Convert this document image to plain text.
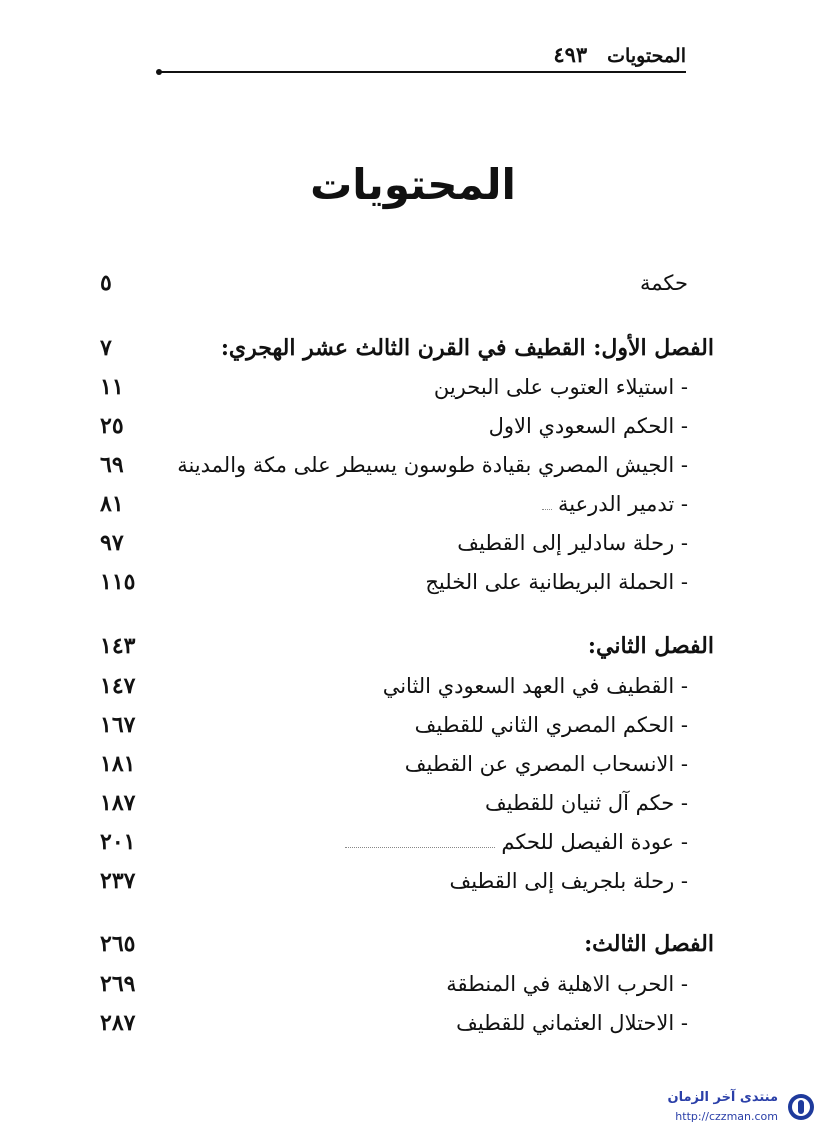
المحتويات
٤٩٣
المحتويات
حكمة
٥
الفصل الأول: القطيف في القرن الثالث عشر الهجري:
٧
- استيلاء العتوب على البحرين
١١
- الحكم السعودي الاول
٢٥
- الجيش المصري بقيادة طوسون يسيطر على مكة والمدينة
٦٩
- تدمير الدرعية
٨١
- رحلة سادلير إلى القطيف
٩٧
- الحملة البريطانية على الخليج
١١٥
الفصل الثاني:
١٤٣
- القطيف في العهد السعودي الثاني
١٤٧
- الحكم المصري الثاني للقطيف
١٦٧
- الانسحاب المصري عن القطيف
١٨١
- حكم آل ثنيان للقطيف
١٨٧
- عودة الفيصل للحكم
٢٠١
- رحلة بلجريف إلى القطيف
٢٣٧
الفصل الثالث:
٢٦٥
- الحرب الاهلية في المنطقة
٢٦٩
- الاحتلال العثماني للقطيف
٢٨٧
منتدى آخر الزمان
http://czzman.com
